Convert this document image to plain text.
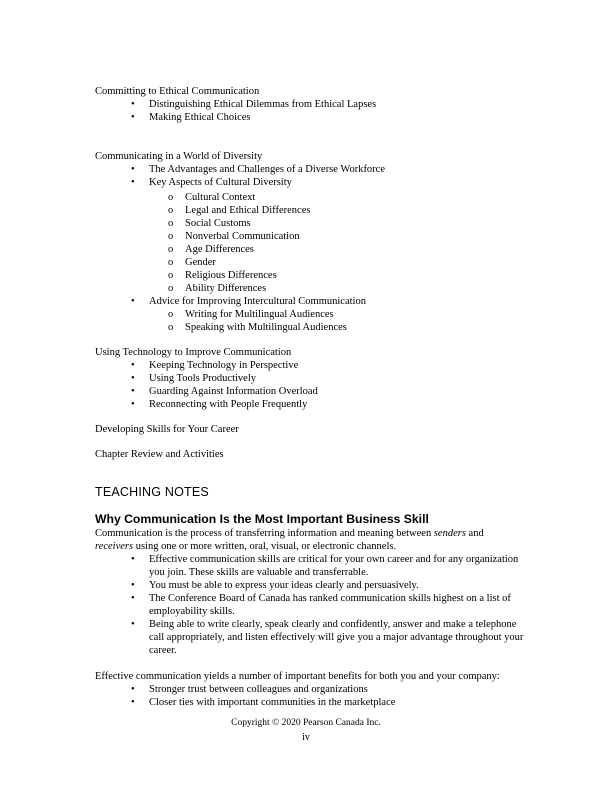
Committing to Ethical Communication
• Distinguishing Ethical Dilemmas from Ethical Lapses
• Making Ethical Choices
Communicating in a World of Diversity
• The Advantages and Challenges of a Diverse Workforce
• Key Aspects of Cultural Diversity
o Cultural Context
o Legal and Ethical Differences
o Social Customs
o Nonverbal Communication
o Age Differences
o Gender
o Religious Differences
o Ability Differences
• Advice for Improving Intercultural Communication
o Writing for Multilingual Audiences
o Speaking with Multilingual Audiences
Using Technology to Improve Communication
• Keeping Technology in Perspective
• Using Tools Productively
• Guarding Against Information Overload
• Reconnecting with People Frequently
Developing Skills for Your Career
Chapter Review and Activities
TEACHING NOTES
Why Communication Is the Most Important Business Skill
Communication is the process of transferring information and meaning between senders and
receivers using one or more written, oral, visual, or electronic channels.
• Effective communication skills are critical for your own career and for any organization you join. These skills are valuable and transferrable.
• You must be able to express your ideas clearly and persuasively.
• The Conference Board of Canada has ranked communication skills highest on a list of employability skills.
• Being able to write clearly, speak clearly and confidently, answer and make a telephone call appropriately, and listen effectively will give you a major advantage throughout your career.
Effective communication yields a number of important benefits for both you and your company:
• Stronger trust between colleagues and organizations
• Closer ties with important communities in the marketplace
Copyright © 2020 Pearson Canada Inc.
iv
